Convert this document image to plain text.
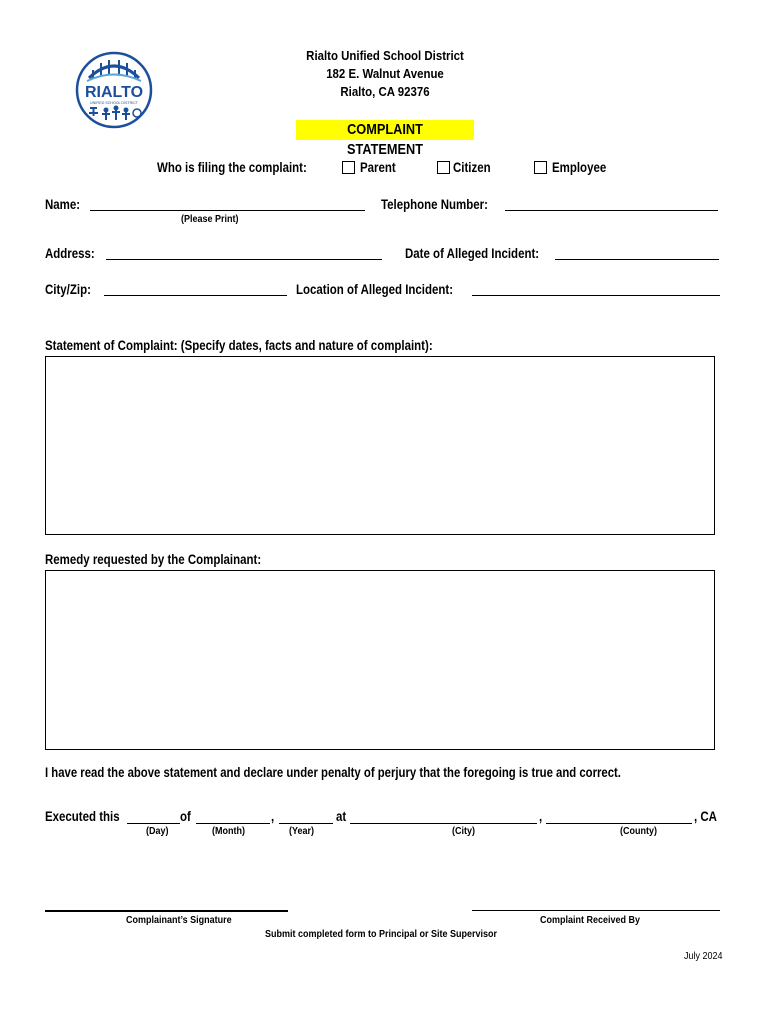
RIALTO
UNIFIED SCHOOL DISTRICT
Rialto Unified School District
182 E. Walnut Avenue
Rialto, CA 92376
COMPLAINT STATEMENT
Who is filing the complaint:	Parent	Citizen	Employee
Name:
(Please Print)
Telephone Number:
Address:	Date of Alleged Incident:
City/Zip:	Location of Alleged Incident:
Statement of Complaint: (Specify dates, facts and nature of complaint):
Remedy requested by the Complainant:
I have read the above statement and declare under penalty of perjury that the foregoing is true and correct.
Executed this	of	,	at	,	, CA
(Day)	(Month)	(Year)	(City)	(County)
Complainant’s Signature	Complaint Received By
Submit completed form to Principal or Site Supervisor
July 2024
